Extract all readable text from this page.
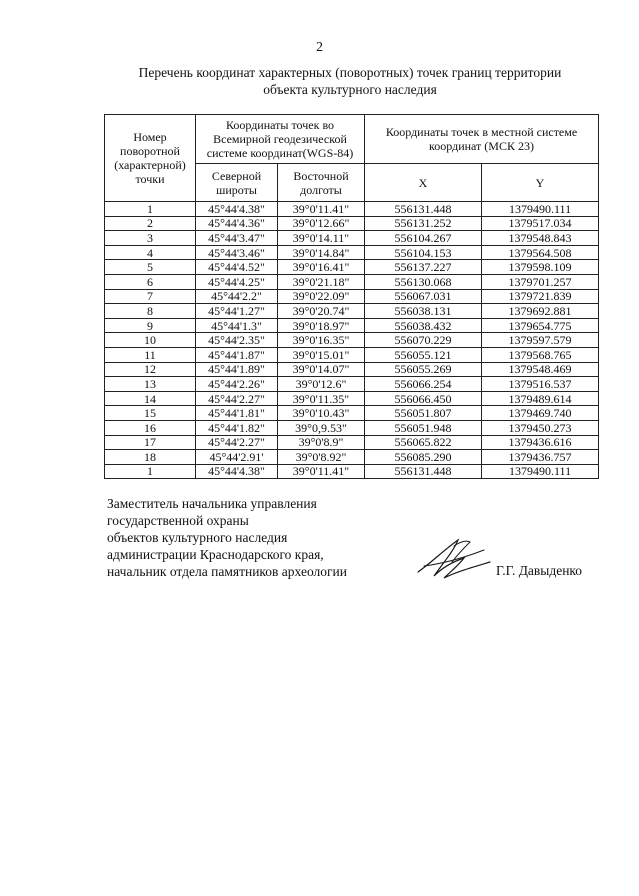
2
Перечень координат характерных (поворотных) точек границ территории
объекта культурного наследия
Номер поворотной (характерной) точки	Координаты точек во Всемирной геодезической системе координат(WGS-84)		Координаты точек в местной системе координат (МСК 23)	
	Северной широты	Восточной долготы	X	Y
1	45°44'4.38"	39°0'11.41"	556131.448	1379490.111
2	45°44'4.36"	39°0'12.66"	556131.252	1379517.034
3	45°44'3.47"	39°0'14.11"	556104.267	1379548.843
4	45°44'3.46"	39°0'14.84"	556104.153	1379564.508
5	45°44'4.52"	39°0'16.41"	556137.227	1379598.109
6	45°44'4.25"	39°0'21.18"	556130.068	1379701.257
7	45°44'2.2"	39°0'22.09"	556067.031	1379721.839
8	45°44'1.27"	39°0'20.74"	556038.131	1379692.881
9	45°44'1.3"	39°0'18.97"	556038.432	1379654.775
10	45°44'2.35"	39°0'16.35"	556070.229	1379597.579
11	45°44'1.87"	39°0'15.01"	556055.121	1379568.765
12	45°44'1.89"	39°0'14.07"	556055.269	1379548.469
13	45°44'2.26"	39°0'12.6"	556066.254	1379516.537
14	45°44'2.27"	39°0'11.35"	556066.450	1379489.614
15	45°44'1.81"	39°0'10.43"	556051.807	1379469.740
16	45°44'1.82"	39°0,9.53"	556051.948	1379450.273
17	45°44'2.27"	39°0'8.9"	556065.822	1379436.616
18	45°44'2.91'	39°0'8.92"	556085.290	1379436.757
1	45°44'4.38"	39°0'11.41"	556131.448	1379490.111
Заместитель начальника управления
государственной охраны
объектов культурного наследия
администрации Краснодарского края,
начальник отдела памятников археологии	Г.Г. Давыденко
